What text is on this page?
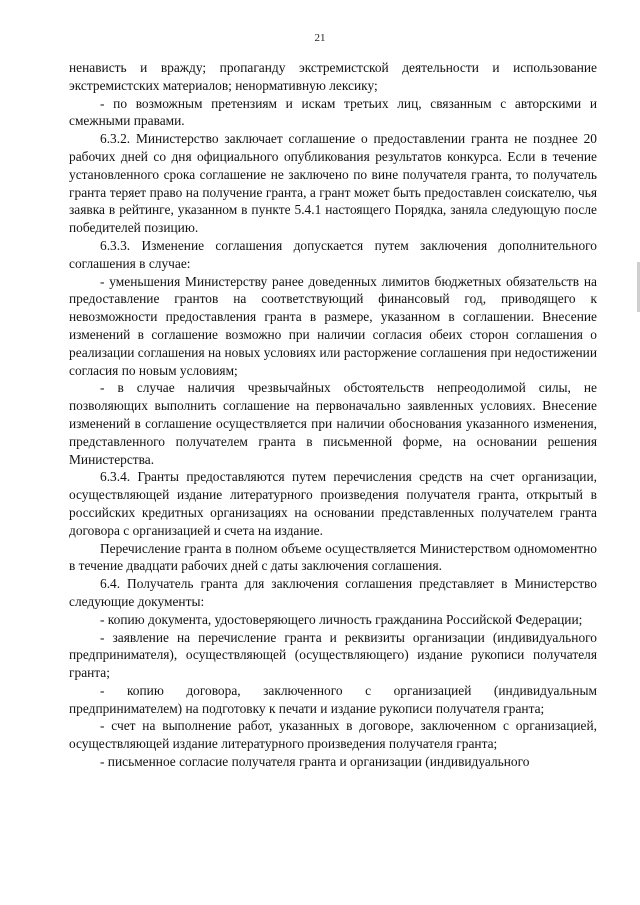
21

ненависть и вражду; пропаганду экстремистской деятельности и использование экстремистских материалов; ненормативную лексику;

- по возможным претензиям и искам третьих лиц, связанным с авторскими и смежными правами.

6.3.2. Министерство заключает соглашение о предоставлении гранта не позднее 20 рабочих дней со дня официального опубликования результатов конкурса. Если в течение установленного срока соглашение не заключено по вине получателя гранта, то получатель гранта теряет право на получение гранта, а грант может быть предоставлен соискателю, чья заявка в рейтинге, указанном в пункте 5.4.1 настоящего Порядка, заняла следующую после победителей позицию.

6.3.3. Изменение соглашения допускается путем заключения дополнительного соглашения в случае:

- уменьшения Министерству ранее доведенных лимитов бюджетных обязательств на предоставление грантов на соответствующий финансовый год, приводящего к невозможности предоставления гранта в размере, указанном в соглашении. Внесение изменений в соглашение возможно при наличии согласия обеих сторон соглашения о реализации соглашения на новых условиях или расторжение соглашения при недостижении согласия по новым условиям;

- в случае наличия чрезвычайных обстоятельств непреодолимой силы, не позволяющих выполнить соглашение на первоначально заявленных условиях. Внесение изменений в соглашение осуществляется при наличии обоснования указанного изменения, представленного получателем гранта в письменной форме, на основании решения Министерства.

6.3.4. Гранты предоставляются путем перечисления средств на счет организации, осуществляющей издание литературного произведения получателя гранта, открытый в российских кредитных организациях на основании представленных получателем гранта договора с организацией и счета на издание.

Перечисление гранта в полном объеме осуществляется Министерством одномоментно в течение двадцати рабочих дней с даты заключения соглашения.

6.4. Получатель гранта для заключения соглашения представляет в Министерство следующие документы:

- копию документа, удостоверяющего личность гражданина Российской Федерации;

- заявление на перечисление гранта и реквизиты организации (индивидуального предпринимателя), осуществляющей (осуществляющего) издание рукописи получателя гранта;

- копию договора, заключенного с организацией (индивидуальным предпринимателем) на подготовку к печати и издание рукописи получателя гранта;

- счет на выполнение работ, указанных в договоре, заключенном с организацией, осуществляющей издание литературного произведения получателя гранта;

- письменное согласие получателя гранта и организации (индивидуального
